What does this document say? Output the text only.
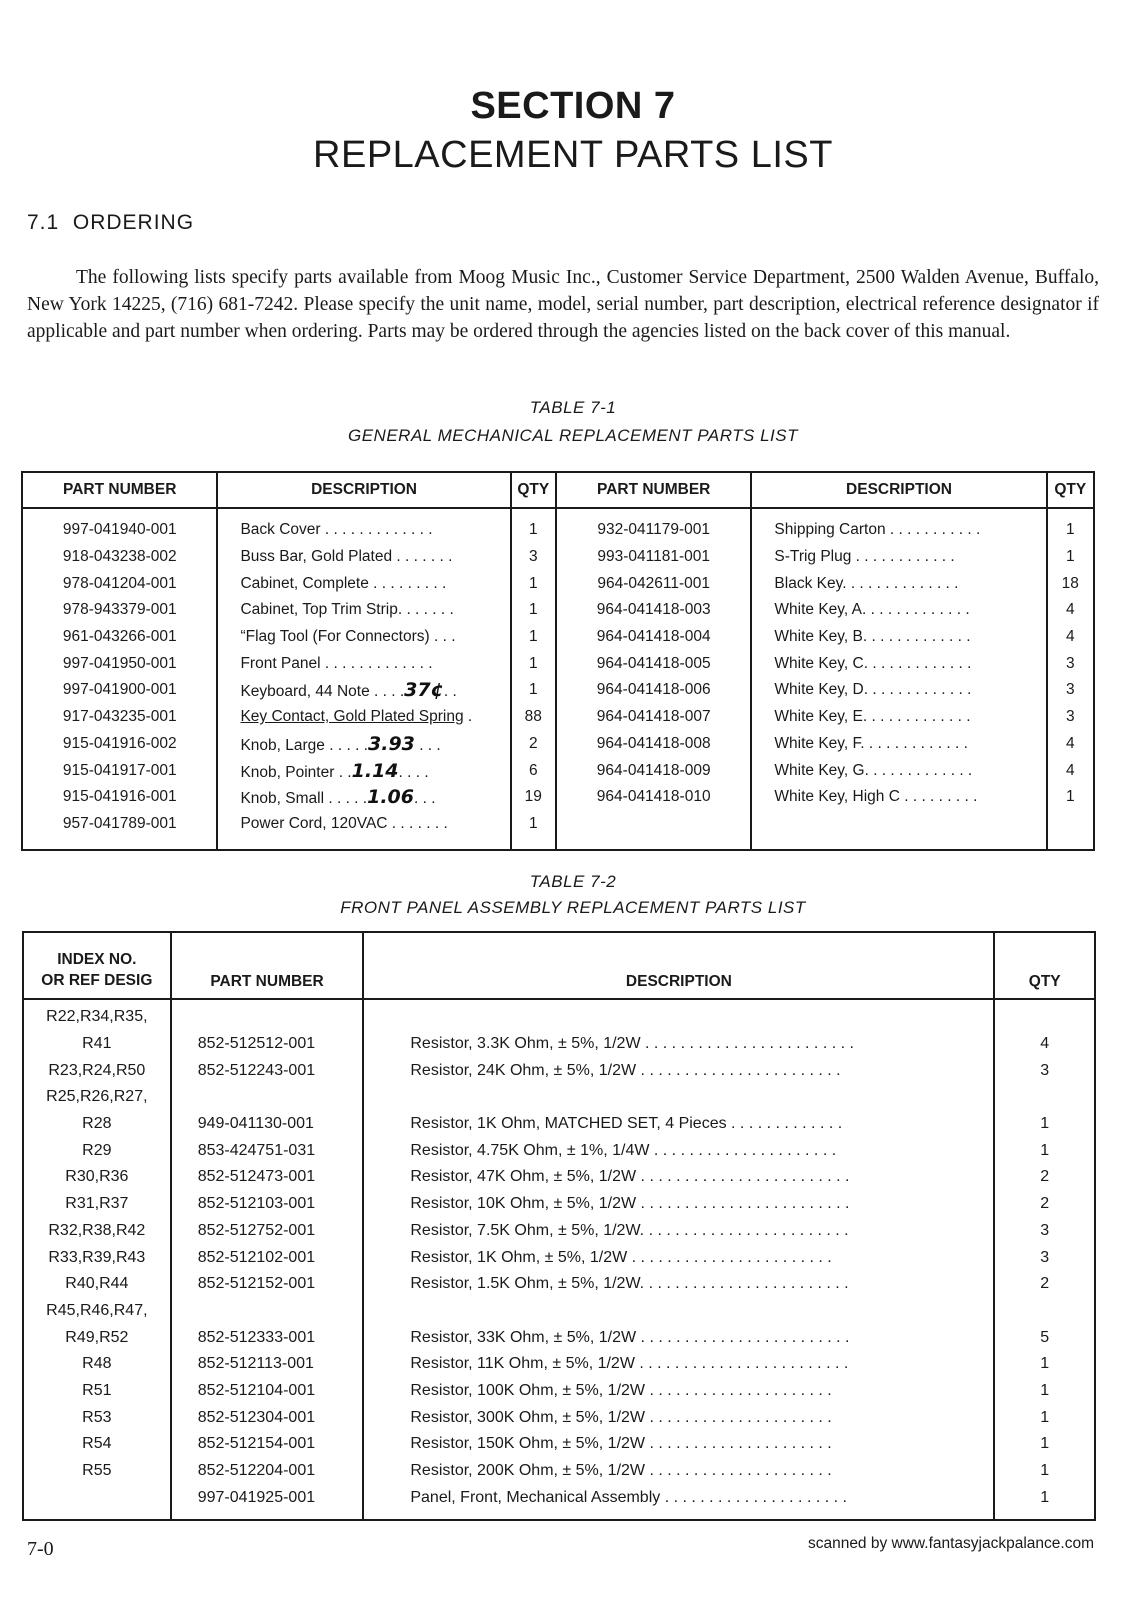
SECTION 7
REPLACEMENT PARTS LIST
7.1  ORDERING
The following lists specify parts available from Moog Music Inc., Customer Service Department, 2500 Walden Avenue, Buffalo, New York 14225, (716) 681-7242. Please specify the unit name, model, serial number, part description, electrical reference designator if applicable and part number when ordering. Parts may be ordered through the agencies listed on the back cover of this manual.
TABLE 7-1
GENERAL MECHANICAL REPLACEMENT PARTS LIST
PART NUMBER	DESCRIPTION	QTY	PART NUMBER	DESCRIPTION	QTY
997-041940-001	Back Cover . . . . . . . . . . . . .	1	932-041179-001	Shipping Carton . . . . . . . . . . .	1
918-043238-002	Buss Bar, Gold Plated . . . . . . .	3	993-041181-001	S-Trig Plug . . . . . . . . . . . .	1
978-041204-001	Cabinet, Complete . . . . . . . . .	1	964-042611-001	Black Key. . . . . . . . . . . . . .	18
978-943379-001	Cabinet, Top Trim Strip. . . . . . .	1	964-041418-003	White Key, A. . . . . . . . . . . . .	4
961-043266-001	“Flag Tool (For Connectors) . . .	1	964-041418-004	White Key, B. . . . . . . . . . . . .	4
997-041950-001	Front Panel . . . . . . . . . . . . .	1	964-041418-005	White Key, C. . . . . . . . . . . . .	3
997-041900-001	Keyboard, 44 Note . . . .37¢. .	1	964-041418-006	White Key, D. . . . . . . . . . . . .	3
917-043235-001	Key Contact, Gold Plated Spring .	88	964-041418-007	White Key, E. . . . . . . . . . . . .	3
915-041916-002	Knob, Large . . . . .3.93 . . .	2	964-041418-008	White Key, F. . . . . . . . . . . . .	4
915-041917-001	Knob, Pointer . .1.14. . . .	6	964-041418-009	White Key, G. . . . . . . . . . . . .	4
915-041916-001	Knob, Small . . . . .1.06. . .	19	964-041418-010	White Key, High C . . . . . . . . .	1
957-041789-001	Power Cord, 120VAC . . . . . . .	1			
TABLE 7-2
FRONT PANEL ASSEMBLY REPLACEMENT PARTS LIST
INDEX NO.
OR REF DESIG	PART NUMBER	DESCRIPTION	QTY
R22,R34,R35,			
R41	852-512512-001	Resistor, 3.3K Ohm, ± 5%, 1/2W . . . . . . . . . . . . . . . . . . . . . . . .	4
R23,R24,R50	852-512243-001	Resistor, 24K Ohm, ± 5%, 1/2W . . . . . . . . . . . . . . . . . . . . . . .	3
R25,R26,R27,			
R28	949-041130-001	Resistor, 1K Ohm, MATCHED SET, 4 Pieces . . . . . . . . . . . . .	1
R29	853-424751-031	Resistor, 4.75K Ohm, ± 1%, 1/4W . . . . . . . . . . . . . . . . . . . . .	1
R30,R36	852-512473-001	Resistor, 47K Ohm, ± 5%, 1/2W . . . . . . . . . . . . . . . . . . . . . . . .	2
R31,R37	852-512103-001	Resistor, 10K Ohm, ± 5%, 1/2W . . . . . . . . . . . . . . . . . . . . . . . .	2
R32,R38,R42	852-512752-001	Resistor, 7.5K Ohm, ± 5%, 1/2W. . . . . . . . . . . . . . . . . . . . . . . .	3
R33,R39,R43	852-512102-001	Resistor, 1K Ohm, ± 5%, 1/2W . . . . . . . . . . . . . . . . . . . . . . .	3
R40,R44	852-512152-001	Resistor, 1.5K Ohm, ± 5%, 1/2W. . . . . . . . . . . . . . . . . . . . . . . .	2
R45,R46,R47,			
R49,R52	852-512333-001	Resistor, 33K Ohm, ± 5%, 1/2W . . . . . . . . . . . . . . . . . . . . . . . .	5
R48	852-512113-001	Resistor, 11K Ohm, ± 5%, 1/2W . . . . . . . . . . . . . . . . . . . . . . . .	1
R51	852-512104-001	Resistor, 100K Ohm, ± 5%, 1/2W . . . . . . . . . . . . . . . . . . . . .	1
R53	852-512304-001	Resistor, 300K Ohm, ± 5%, 1/2W . . . . . . . . . . . . . . . . . . . . .	1
R54	852-512154-001	Resistor, 150K Ohm, ± 5%, 1/2W . . . . . . . . . . . . . . . . . . . . .	1
R55	852-512204-001	Resistor, 200K Ohm, ± 5%, 1/2W . . . . . . . . . . . . . . . . . . . . .	1
	997-041925-001	Panel, Front, Mechanical Assembly . . . . . . . . . . . . . . . . . . . . .	1
7-0	scanned by www.fantasyjackpalance.com
